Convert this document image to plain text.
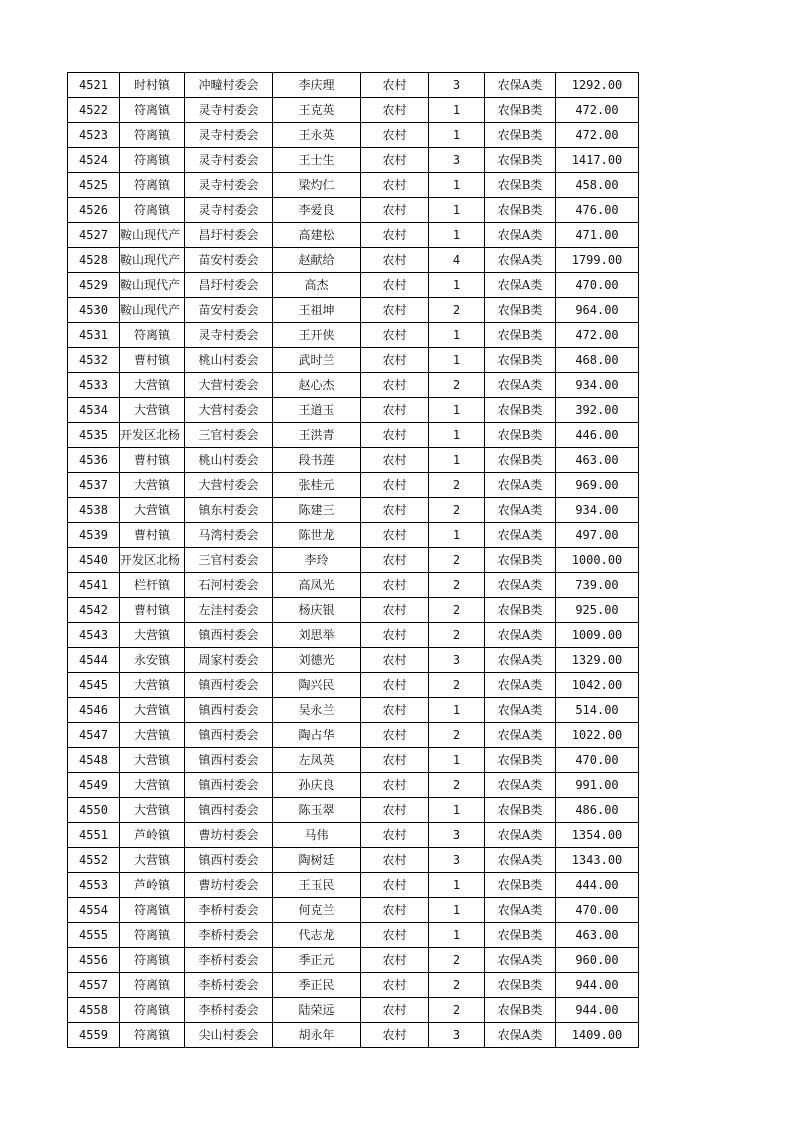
4521	时村镇	冲疃村委会	李庆理	农村	3	农保A类	1292.00
4522	符离镇	灵寺村委会	王克英	农村	1	农保B类	472.00
4523	符离镇	灵寺村委会	王永英	农村	1	农保B类	472.00
4524	符离镇	灵寺村委会	王士生	农村	3	农保B类	1417.00
4525	符离镇	灵寺村委会	梁灼仁	农村	1	农保B类	458.00
4526	符离镇	灵寺村委会	李爱良	农村	1	农保B类	476.00
4527	鞍山现代产	昌圩村委会	高建松	农村	1	农保A类	471.00
4528	鞍山现代产	苗安村委会	赵献给	农村	4	农保A类	1799.00
4529	鞍山现代产	昌圩村委会	高杰	农村	1	农保A类	470.00
4530	鞍山现代产	苗安村委会	王祖坤	农村	2	农保B类	964.00
4531	符离镇	灵寺村委会	王开侠	农村	1	农保B类	472.00
4532	曹村镇	桃山村委会	武时兰	农村	1	农保B类	468.00
4533	大营镇	大营村委会	赵心杰	农村	2	农保A类	934.00
4534	大营镇	大营村委会	王道玉	农村	1	农保B类	392.00
4535	开发区北杨	三官村委会	王洪青	农村	1	农保B类	446.00
4536	曹村镇	桃山村委会	段书莲	农村	1	农保B类	463.00
4537	大营镇	大营村委会	张桂元	农村	2	农保A类	969.00
4538	大营镇	镇东村委会	陈建三	农村	2	农保A类	934.00
4539	曹村镇	马湾村委会	陈世龙	农村	1	农保A类	497.00
4540	开发区北杨	三官村委会	李玲	农村	2	农保B类	1000.00
4541	栏杆镇	石河村委会	高凤光	农村	2	农保A类	739.00
4542	曹村镇	左洼村委会	杨庆银	农村	2	农保B类	925.00
4543	大营镇	镇西村委会	刘思举	农村	2	农保A类	1009.00
4544	永安镇	周家村委会	刘德光	农村	3	农保A类	1329.00
4545	大营镇	镇西村委会	陶兴民	农村	2	农保A类	1042.00
4546	大营镇	镇西村委会	吴永兰	农村	1	农保A类	514.00
4547	大营镇	镇西村委会	陶占华	农村	2	农保A类	1022.00
4548	大营镇	镇西村委会	左凤英	农村	1	农保B类	470.00
4549	大营镇	镇西村委会	孙庆良	农村	2	农保A类	991.00
4550	大营镇	镇西村委会	陈玉翠	农村	1	农保B类	486.00
4551	芦岭镇	曹坊村委会	马伟	农村	3	农保A类	1354.00
4552	大营镇	镇西村委会	陶树廷	农村	3	农保A类	1343.00
4553	芦岭镇	曹坊村委会	王玉民	农村	1	农保B类	444.00
4554	符离镇	李桥村委会	何克兰	农村	1	农保A类	470.00
4555	符离镇	李桥村委会	代志龙	农村	1	农保B类	463.00
4556	符离镇	李桥村委会	季正元	农村	2	农保A类	960.00
4557	符离镇	李桥村委会	季正民	农村	2	农保B类	944.00
4558	符离镇	李桥村委会	陆荣远	农村	2	农保B类	944.00
4559	符离镇	尖山村委会	胡永年	农村	3	农保A类	1409.00
